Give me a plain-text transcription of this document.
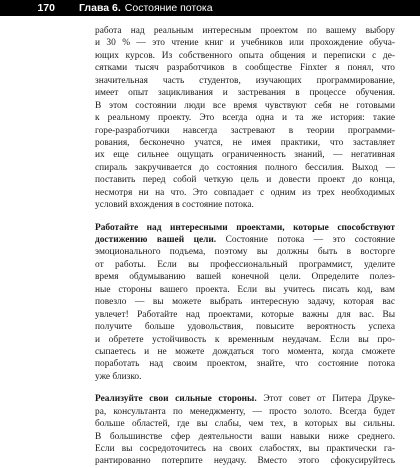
170	Глава 6. Состояние потока
работа над реальным интересным проектом по вашему выбору
и 30 % — это чтение книг и учебников или прохождение обуча-
ющих курсов. Из собственного опыта общения и переписки с де-
сятками тысяч разработчиков в сообществе Finxter я понял, что
значительная часть студентов, изучающих программирование,
имеет опыт зацикливания и застревания в процессе обучения.
В этом состоянии люди все время чувствуют себя не готовыми
к реальному проекту. Это всегда одна и та же история: такие
горе-разработчики навсегда застревают в теории программи-
рования, бесконечно учатся, не имея практики, что заставляет
их еще сильнее ощущать ограниченность знаний, — негативная
спираль закручивается до состояния полного бессилия. Выход —
поставить перед собой четкую цель и довести проект до конца,
несмотря ни на что. Это совпадает с одним из трех необходимых
условий вхождения в состояние потока.
Работайте над интересными проектами, которые способствуют
достижению вашей цели. Состояние потока — это состояние
эмоционального подъема, поэтому вы должны быть в восторге
от работы. Если вы профессиональный программист, уделите
время обдумыванию вашей конечной цели. Определите полез-
ные стороны вашего проекта. Если вы учитесь писать код, вам
повезло — вы можете выбрать интересную задачу, которая вас
увлечет! Работайте над проектами, которые важны для вас. Вы
получите больше удовольствия, повысите вероятность успеха
и обретете устойчивость к временным неудачам. Если вы про-
сыпаетесь и не можете дождаться того момента, когда сможете
поработать над своим проектом, знайте, что состояние потока
уже близко.
Реализуйте свои сильные стороны. Этот совет от Питера Друке-
ра, консультанта по менеджменту, — просто золото. Всегда будет
больше областей, где вы слабы, чем тех, в которых вы сильны.
В большинстве сфер деятельности ваши навыки ниже среднего.
Если вы сосредоточитесь на своих слабостях, вы практически га-
рантированно потерпите неудачу. Вместо этого сфокусируйтесь
